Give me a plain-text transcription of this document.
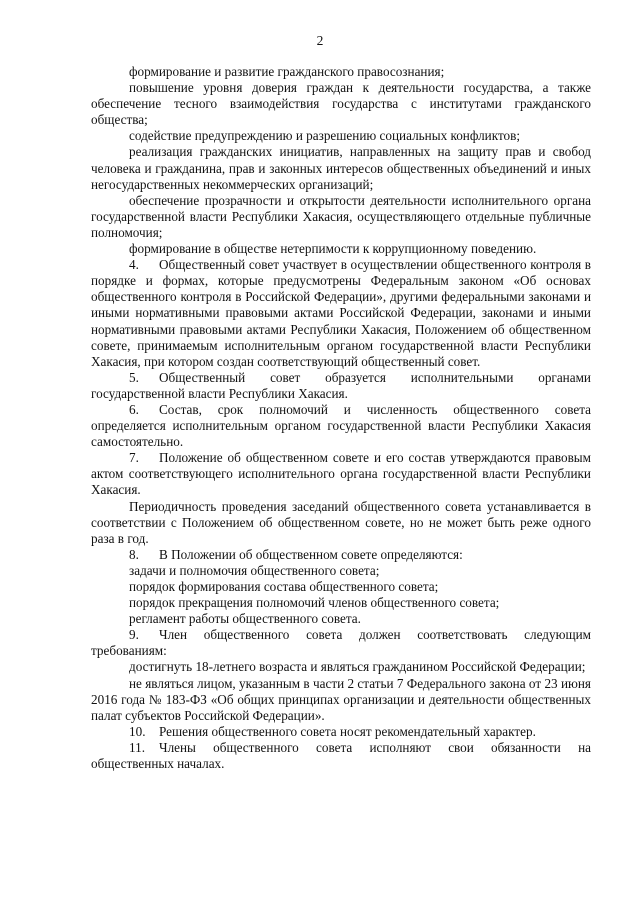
2

формирование и развитие гражданского правосознания;

повышение уровня доверия граждан к деятельности государства, а также обеспечение тесного взаимодействия государства с институтами гражданского общества;

содействие предупреждению и разрешению социальных конфликтов;

реализация гражданских инициатив, направленных на защиту прав и свобод человека и гражданина, прав и законных интересов общественных объединений и иных негосударственных некоммерческих организаций;

обеспечение прозрачности и открытости деятельности исполнительного органа государственной власти Республики Хакасия, осуществляющего отдельные публичные полномочия;

формирование в обществе нетерпимости к коррупционному поведению.

4. Общественный совет участвует в осуществлении общественного контроля в порядке и формах, которые предусмотрены Федеральным законом «Об основах общественного контроля в Российской Федерации», другими федеральными законами и иными нормативными правовыми актами Российской Федерации, законами и иными нормативными правовыми актами Республики Хакасия, Положением об общественном совете, принимаемым исполнительным органом государственной власти Республики Хакасия, при котором создан соответствующий общественный совет.

5. Общественный совет образуется исполнительными органами государственной власти Республики Хакасия.

6. Состав, срок полномочий и численность общественного совета определяется исполнительным органом государственной власти Республики Хакасия самостоятельно.

7. Положение об общественном совете и его состав утверждаются правовым актом соответствующего исполнительного органа государственной власти Республики Хакасия.

Периодичность проведения заседаний общественного совета устанавливается в соответствии с Положением об общественном совете, но не может быть реже одного раза в год.

8. В Положении об общественном совете определяются:

задачи и полномочия общественного совета;

порядок формирования состава общественного совета;

порядок прекращения полномочий членов общественного совета;

регламент работы общественного совета.

9. Член общественного совета должен соответствовать следующим требованиям:

достигнуть 18-летнего возраста и являться гражданином Российской Федерации;

не являться лицом, указанным в части 2 статьи 7 Федерального закона от 23 июня 2016 года № 183-ФЗ «Об общих принципах организации и деятельности общественных палат субъектов Российской Федерации».

10. Решения общественного совета носят рекомендательный характер.

11. Члены общественного совета исполняют свои обязанности на общественных началах.
